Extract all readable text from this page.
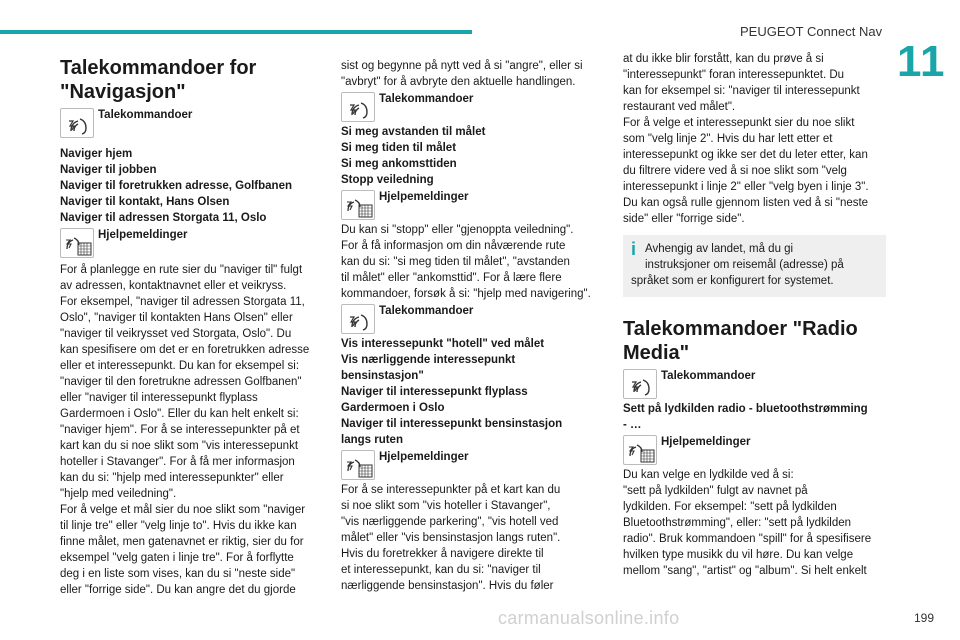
PEUGEOT Connect Nav
11
199
carmanualsonline.info
Talekommandoer for "Navigasjon"
Talekommandoer
Naviger hjem
Naviger til jobben
Naviger til foretrukken adresse, Golfbanen
Naviger til kontakt, Hans Olsen
Naviger til adressen Storgata 11, Oslo
Hjelpemeldinger
For å planlegge en rute sier du "naviger til" fulgt
av adressen, kontaktnavnet eller et veikryss.
For eksempel, "naviger til adressen Storgata 11,
Oslo", "naviger til kontakten Hans Olsen" eller
"naviger til veikrysset ved Storgata, Oslo". Du
kan spesifisere om det er en foretrukken adresse
eller et interessepunkt. Du kan for eksempel si:
"naviger til den foretrukne adressen Golfbanen"
eller "naviger til interessepunkt flyplass
Gardermoen i Oslo". Eller du kan helt enkelt si:
"naviger hjem". For å se interessepunkter på et
kart kan du si noe slikt som "vis interessepunkt
hoteller i Stavanger". For å få mer informasjon
kan du si: "hjelp med interessepunkter" eller
"hjelp med veiledning".
For å velge et mål sier du noe slikt som "naviger
til linje tre" eller "velg linje to". Hvis du ikke kan
finne målet, men gatenavnet er riktig, sier du for
eksempel "velg gaten i linje tre". For å forflytte
deg i en liste som vises, kan du si "neste side"
eller "forrige side". Du kan angre det du gjorde
sist og begynne på nytt ved å si "angre", eller si
"avbryt" for å avbryte den aktuelle handlingen.
Talekommandoer
Si meg avstanden til målet
Si meg tiden til målet
Si meg ankomsttiden
Stopp veiledning
Hjelpemeldinger
Du kan si "stopp" eller "gjenoppta veiledning".
For å få informasjon om din nåværende rute
kan du si: "si meg tiden til målet", "avstanden
til målet" eller "ankomsttid". For å lære flere
kommandoer, forsøk å si: "hjelp med navigering".
Talekommandoer
Vis interessepunkt "hotell" ved målet
Vis nærliggende interessepunkt
bensinstasjon"
Naviger til interessepunkt flyplass
Gardermoen i Oslo
Naviger til interessepunkt bensinstasjon
langs ruten
Hjelpemeldinger
For å se interessepunkter på et kart kan du
si noe slikt som "vis hoteller i Stavanger",
"vis nærliggende parkering", "vis hotell ved
målet" eller "vis bensinstasjon langs ruten".
Hvis du foretrekker å navigere direkte til
et interessepunkt, kan du si: "naviger til
nærliggende bensinstasjon". Hvis du føler
at du ikke blir forstått, kan du prøve å si
"interessepunkt" foran interessepunktet. Du
kan for eksempel si: "naviger til interessepunkt
restaurant ved målet".
For å velge et interessepunkt sier du noe slikt
som "velg linje 2". Hvis du har lett etter et
interessepunkt og ikke ser det du leter etter, kan
du filtrere videre ved å si noe slikt som "velg
interessepunkt i linje 2" eller "velg byen i linje 3".
Du kan også rulle gjennom listen ved å si "neste
side" eller "forrige side".
i Avhengig av landet, må du gi
instruksjoner om reisemål (adresse) på
språket som er konfigurert for systemet.
Talekommandoer "Radio Media"
Talekommandoer
Sett på lydkilden radio - bluetoothstrømming
- …
Hjelpemeldinger
Du kan velge en lydkilde ved å si:
"sett på lydkilden" fulgt av navnet på
lydkilden. For eksempel: "sett på lydkilden
Bluetoothstrømming", eller: "sett på lydkilden
radio". Bruk kommandoen "spill" for å spesifisere
hvilken type musikk du vil høre. Du kan velge
mellom "sang", "artist" og "album". Si helt enkelt
